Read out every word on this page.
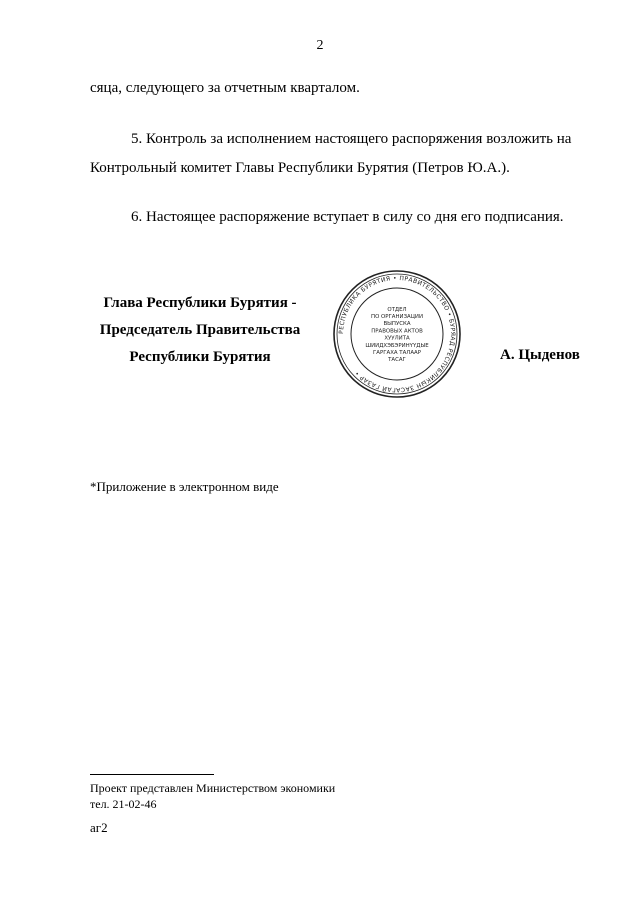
2
сяца, следующего за отчетным кварталом.
5. Контроль за исполнением настоящего распоряжения возложить на
Контрольный комитет Главы Республики Бурятия (Петров Ю.А.).
6. Настоящее распоряжение вступает в силу со дня его подписания.
Глава Республики Бурятия -
Председатель Правительства
Республики Бурятия	А. Цыденов
РЕСПУБЛИКА БУРЯТИЯ • ПРАВИТЕЛЬСТВО • БУРЯАД РЕСПУБЛИКЫН ЗАСАГАЙ ГАЗАР •
ОТДЕЛ
ПО ОРГАНИЗАЦИИ
ВЫПУСКА
ПРАВОВЫХ АКТОВ
ХУУЛИТА
ШИИДХЭБЭРИНҮҮДЫЕ
ГАРГАХА ТАЛААР
ТАСАГ
*Приложение в электронном виде
Проект представлен Министерством экономики
тел. 21-02-46
аг2
